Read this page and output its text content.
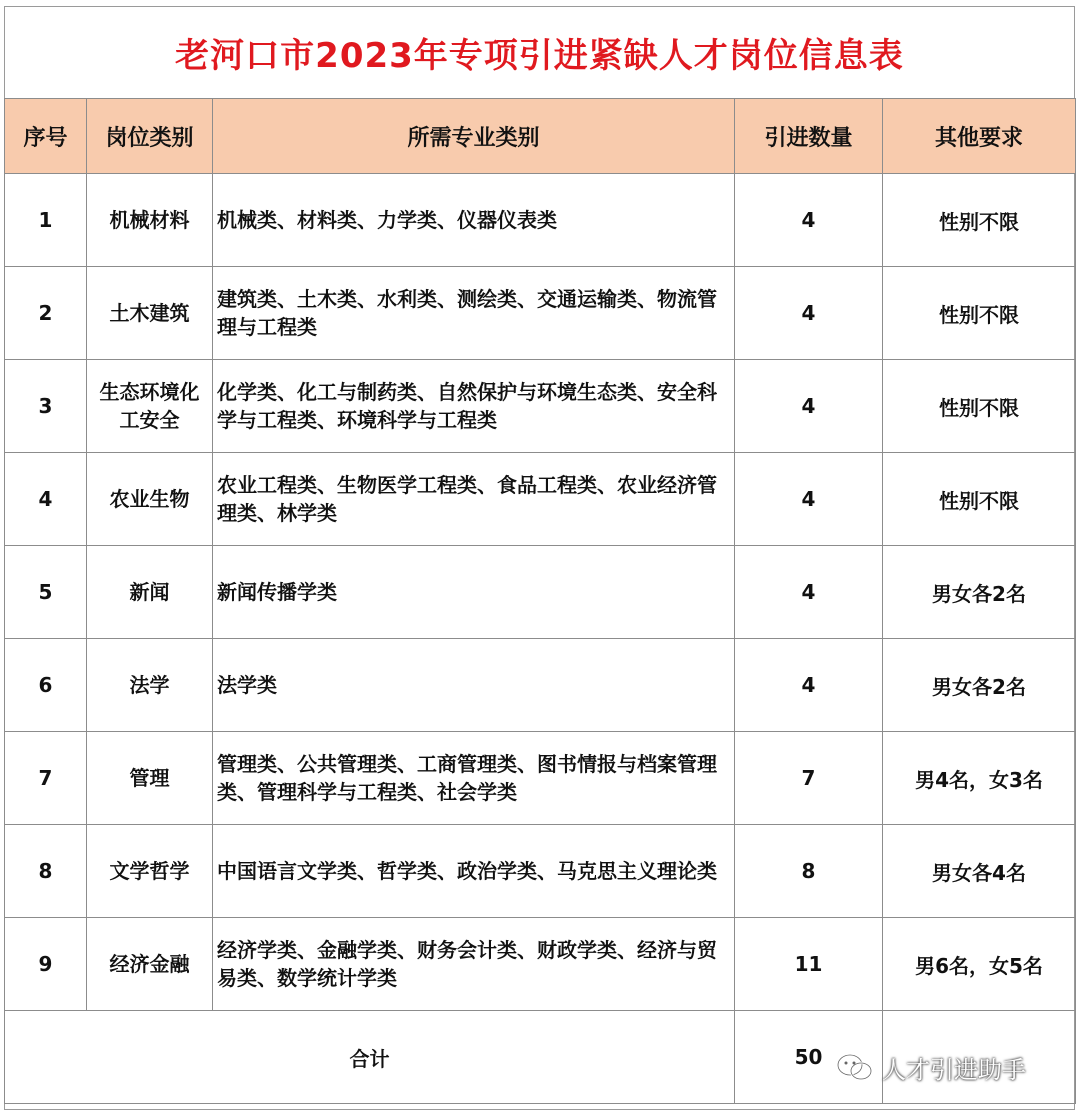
老河口市2023年专项引进紧缺人才岗位信息表
序号	岗位类别	所需专业类别	引进数量	其他要求
1	机械材料	机械类、材料类、力学类、仪器仪表类	4	性别不限
2	土木建筑	建筑类、土木类、水利类、测绘类、交通运输类、物流管理与工程类	4	性别不限
3	生态环境化工安全	化学类、化工与制药类、自然保护与环境生态类、安全科学与工程类、环境科学与工程类	4	性别不限
4	农业生物	农业工程类、生物医学工程类、食品工程类、农业经济管理类、林学类	4	性别不限
5	新闻	新闻传播学类	4	男女各2名
6	法学	法学类	4	男女各2名
7	管理	管理类、公共管理类、工商管理类、图书情报与档案管理类、管理科学与工程类、社会学类	7	男4名，女3名
8	文学哲学	中国语言文学类、哲学类、政治学类、马克思主义理论类	8	男女各4名
9	经济金融	经济学类、金融学类、财务会计类、财政学类、经济与贸易类、数学统计学类	11	男6名，女5名
合计			50	人才引进助手
